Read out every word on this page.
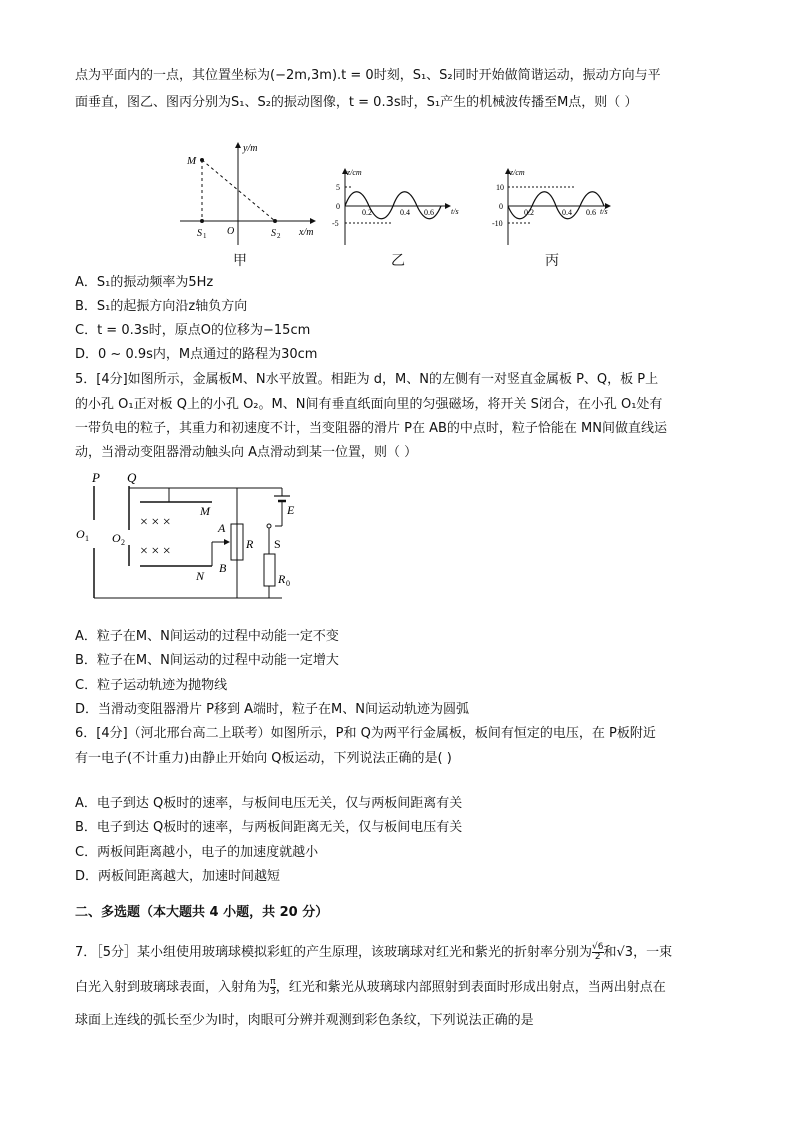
点为平面内的一点，其位置坐标为(−2m,3m).t = 0时刻，S₁、S₂同时开始做简谐运动，振动方向与平
面垂直，图乙、图丙分别为S₁、S₂的振动图像，t = 0.3s时，S₁产生的机械波传播至M点，则（ ）
M
y/m
x/m
O
S 1	S 2
z/cm
t/s
5
0
-5
0.2	0.4 0.6
z/cm
t/s
10
0
-10
0.2	0.4 0.6
甲	乙	丙
A．S₁的振动频率为5Hz
B．S₁的起振方向沿z轴负方向
C．t = 0.3s时，原点O的位移为−15cm
D．0 ~ 0.9s内，M点通过的路程为30cm
5．[4分]如图所示，金属板M、N水平放置。相距为 d，M、N的左侧有一对竖直金属板 P、Q，板 P上
的小孔 O₁正对板 Q上的小孔 O₂。M、N间有垂直纸面向里的匀强磁场，将开关 S闭合，在小孔 O₁处有
一带负电的粒子，其重力和初速度不计，当变阻器的滑片 P在 AB的中点时，粒子恰能在 MN间做直线运
动，当滑动变阻器滑动触头向 A点滑动到某一位置，则（ ）
× × ×
× × ×
P Q
M
N
E
A
B
R S
R 0
O 1 O 2
A．粒子在M、N间运动的过程中动能一定不变
B．粒子在M、N间运动的过程中动能一定增大
C．粒子运动轨迹为抛物线
D．当滑动变阻器滑片 P移到 A端时，粒子在M、N间运动轨迹为圆弧
6．[4分]（河北邢台高二上联考）如图所示，P和 Q为两平行金属板，板间有恒定的电压，在 P板附近
有一电子(不计重力)由静止开始向 Q板运动，下列说法正确的是( )
A．电子到达 Q板时的速率，与板间电压无关，仅与两板间距离有关
B．电子到达 Q板时的速率，与两板间距离无关，仅与板间电压有关
C．两板间距离越小，电子的加速度就越小
D．两板间距离越大，加速时间越短
二、多选题（本大题共 4 小题，共 20 分）
7．［5分］某小组使用玻璃球模拟彩虹的产生原理，该玻璃球对红光和紫光的折射率分别为 $\frac{√6}{2}$ 和√3，一束
白光入射到玻璃球表面，入射角为 $\frac{\pi}{3}$ ，红光和紫光从玻璃球内部照射到表面时形成出射点，当两出射点在
球面上连线的弧长至少为l时，肉眼可分辨并观测到彩色条纹，下列说法正确的是
